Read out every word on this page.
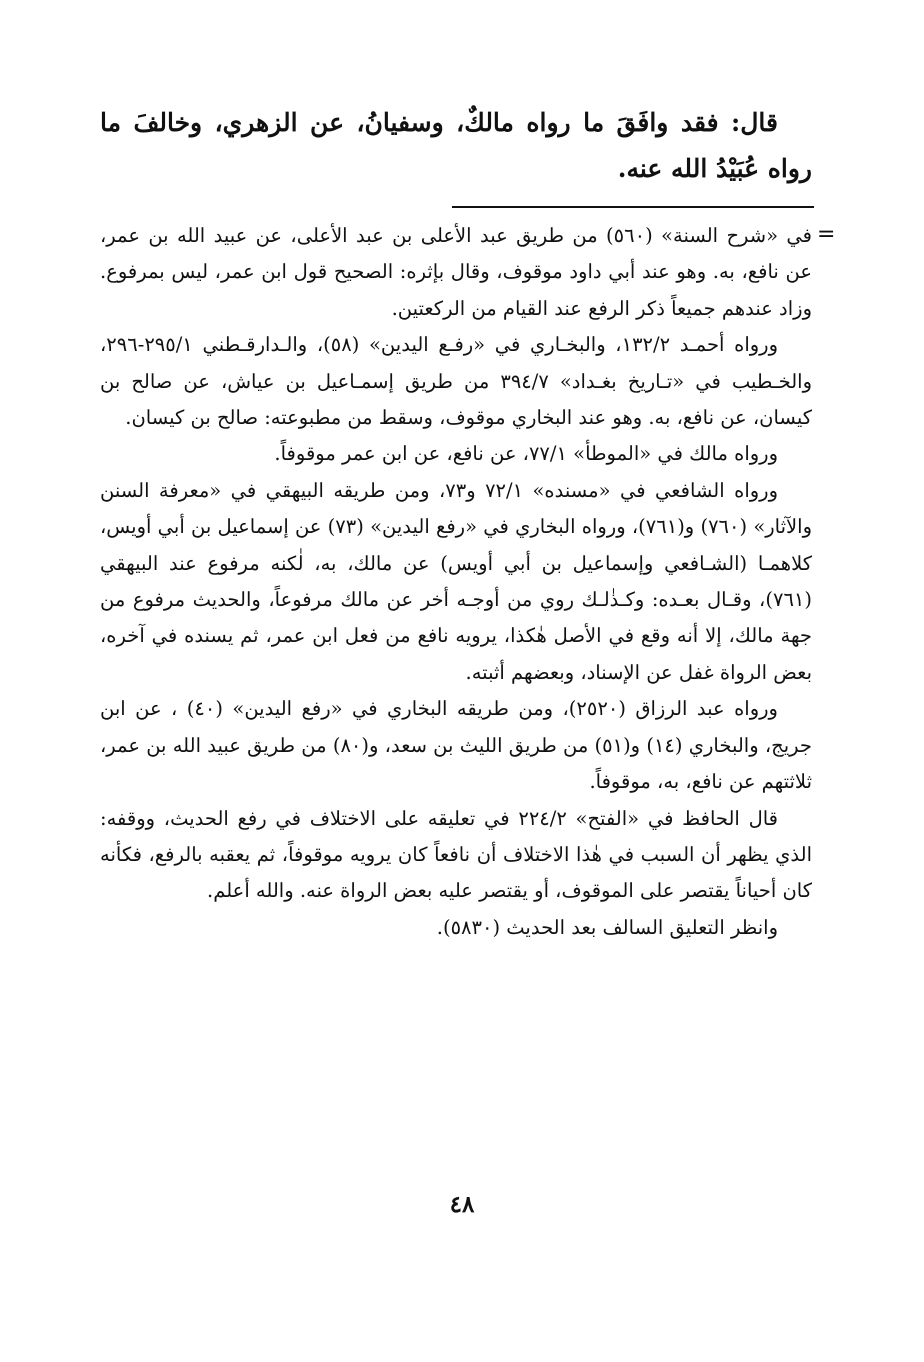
قال: فقد وافَقَ ما رواه مالكٌ، وسفيانُ، عن الزهري، وخالفَ ما رواه عُبَيْدُ الله عنه.

=

في «شرح السنة» (٥٦٠) من طريق عبد الأعلى بن عبد الأعلى، عن عبيد الله بن عمر، عن نافع، به. وهو عند أبي داود موقوف، وقال بإثره: الصحيح قول ابن عمر، ليس بمرفوع. وزاد عندهم جميعاً ذكر الرفع عند القيام من الركعتين.

ورواه أحمـد ١٣٢/٢، والبخـاري في «رفـع اليدين» (٥٨)، والـدارقـطني ٢٩٥/١-٢٩٦، والخـطيب في «تـاريخ بغـداد» ٣٩٤/٧ من طريق إسمـاعيل بن عياش، عن صالح بن كيسان، عن نافع، به. وهو عند البخاري موقوف، وسقط من مطبوعته: صالح بن كيسان.

ورواه مالك في «الموطأ» ٧٧/١، عن نافع، عن ابن عمر موقوفاً.

ورواه الشافعي في «مسنده» ٧٢/١ و٧٣، ومن طريقه البيهقي في «معرفة السنن والآثار» (٧٦٠) و(٧٦١)، ورواه البخاري في «رفع اليدين» (٧٣) عن إسماعيل بن أبي أويس، كلاهمـا (الشـافعي وإسماعيل بن أبي أويس) عن مالك، به، لٰكنه مرفوع عند البيهقي (٧٦١)، وقـال بعـده: وكـذٰلـك روي من أوجـه أخر عن مالك مرفوعاً، والحديث مرفوع من جهة مالك، إلا أنه وقع في الأصل هٰكذا، يرويه نافع من فعل ابن عمر، ثم يسنده في آخره، بعض الرواة غفل عن الإسناد، وبعضهم أثبته.

ورواه عبد الرزاق (٢٥٢٠)، ومن طريقه البخاري في «رفع اليدين» (٤٠) ، عن ابن جريج، والبخاري (١٤) و(٥١) من طريق الليث بن سعد، و(٨٠) من طريق عبيد الله بن عمر، ثلاثتهم عن نافع، به، موقوفاً.

قال الحافظ في «الفتح» ٢٢٤/٢ في تعليقه على الاختلاف في رفع الحديث، ووقفه: الذي يظهر أن السبب في هٰذا الاختلاف أن نافعاً كان يرويه موقوفاً، ثم يعقبه بالرفع، فكأنه كان أحياناً يقتصر على الموقوف، أو يقتصر عليه بعض الرواة عنه. والله أعلم.

وانظر التعليق السالف بعد الحديث (٥٨٣٠).

٤٨
